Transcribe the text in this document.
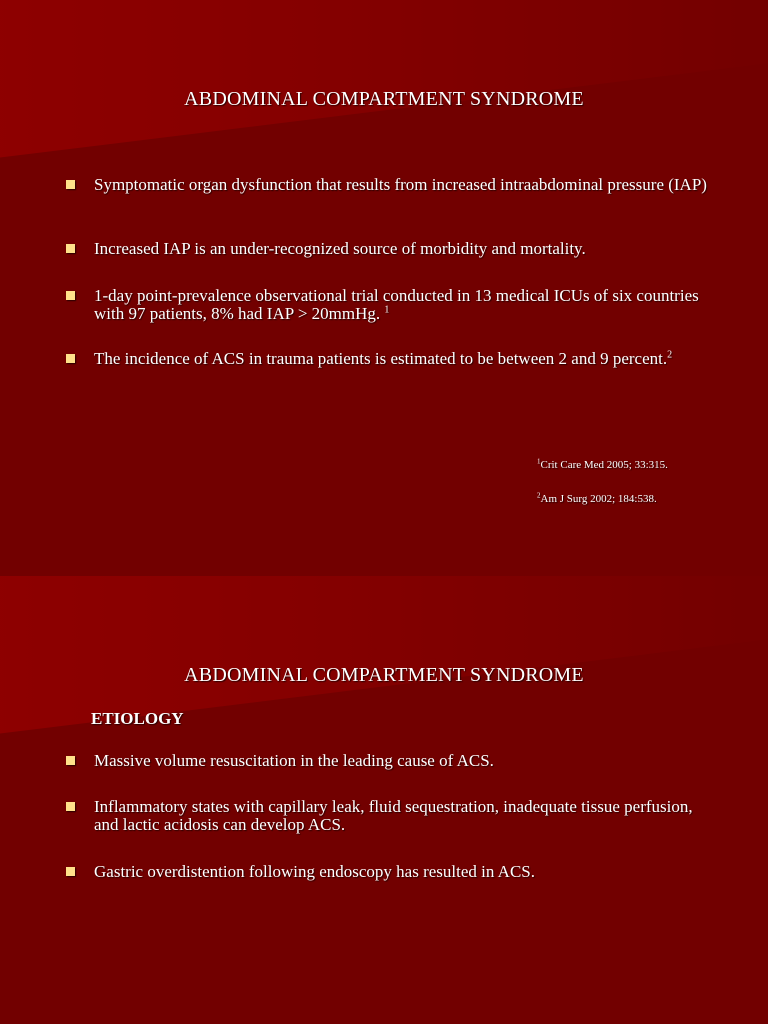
ABDOMINAL COMPARTMENT SYNDROME
Symptomatic organ dysfunction that results from increased intraabdominal pressure (IAP)
Increased IAP is an under-recognized source of morbidity and mortality.
1-day point-prevalence observational trial conducted in 13 medical ICUs of six countries with 97 patients, 8% had IAP > 20mmHg. $^1$
The incidence of ACS in trauma patients is estimated to be between 2 and 9 percent.$^2$
$^1$Crit Care Med 2005; 33:315.
$^2$Am J Surg 2002; 184:538.
ABDOMINAL COMPARTMENT SYNDROME
ETIOLOGY
Massive volume resuscitation in the leading cause of ACS.
Inflammatory states with capillary leak, fluid sequestration, inadequate tissue perfusion, and lactic acidosis can develop ACS.
Gastric overdistention following endoscopy has resulted in ACS.
